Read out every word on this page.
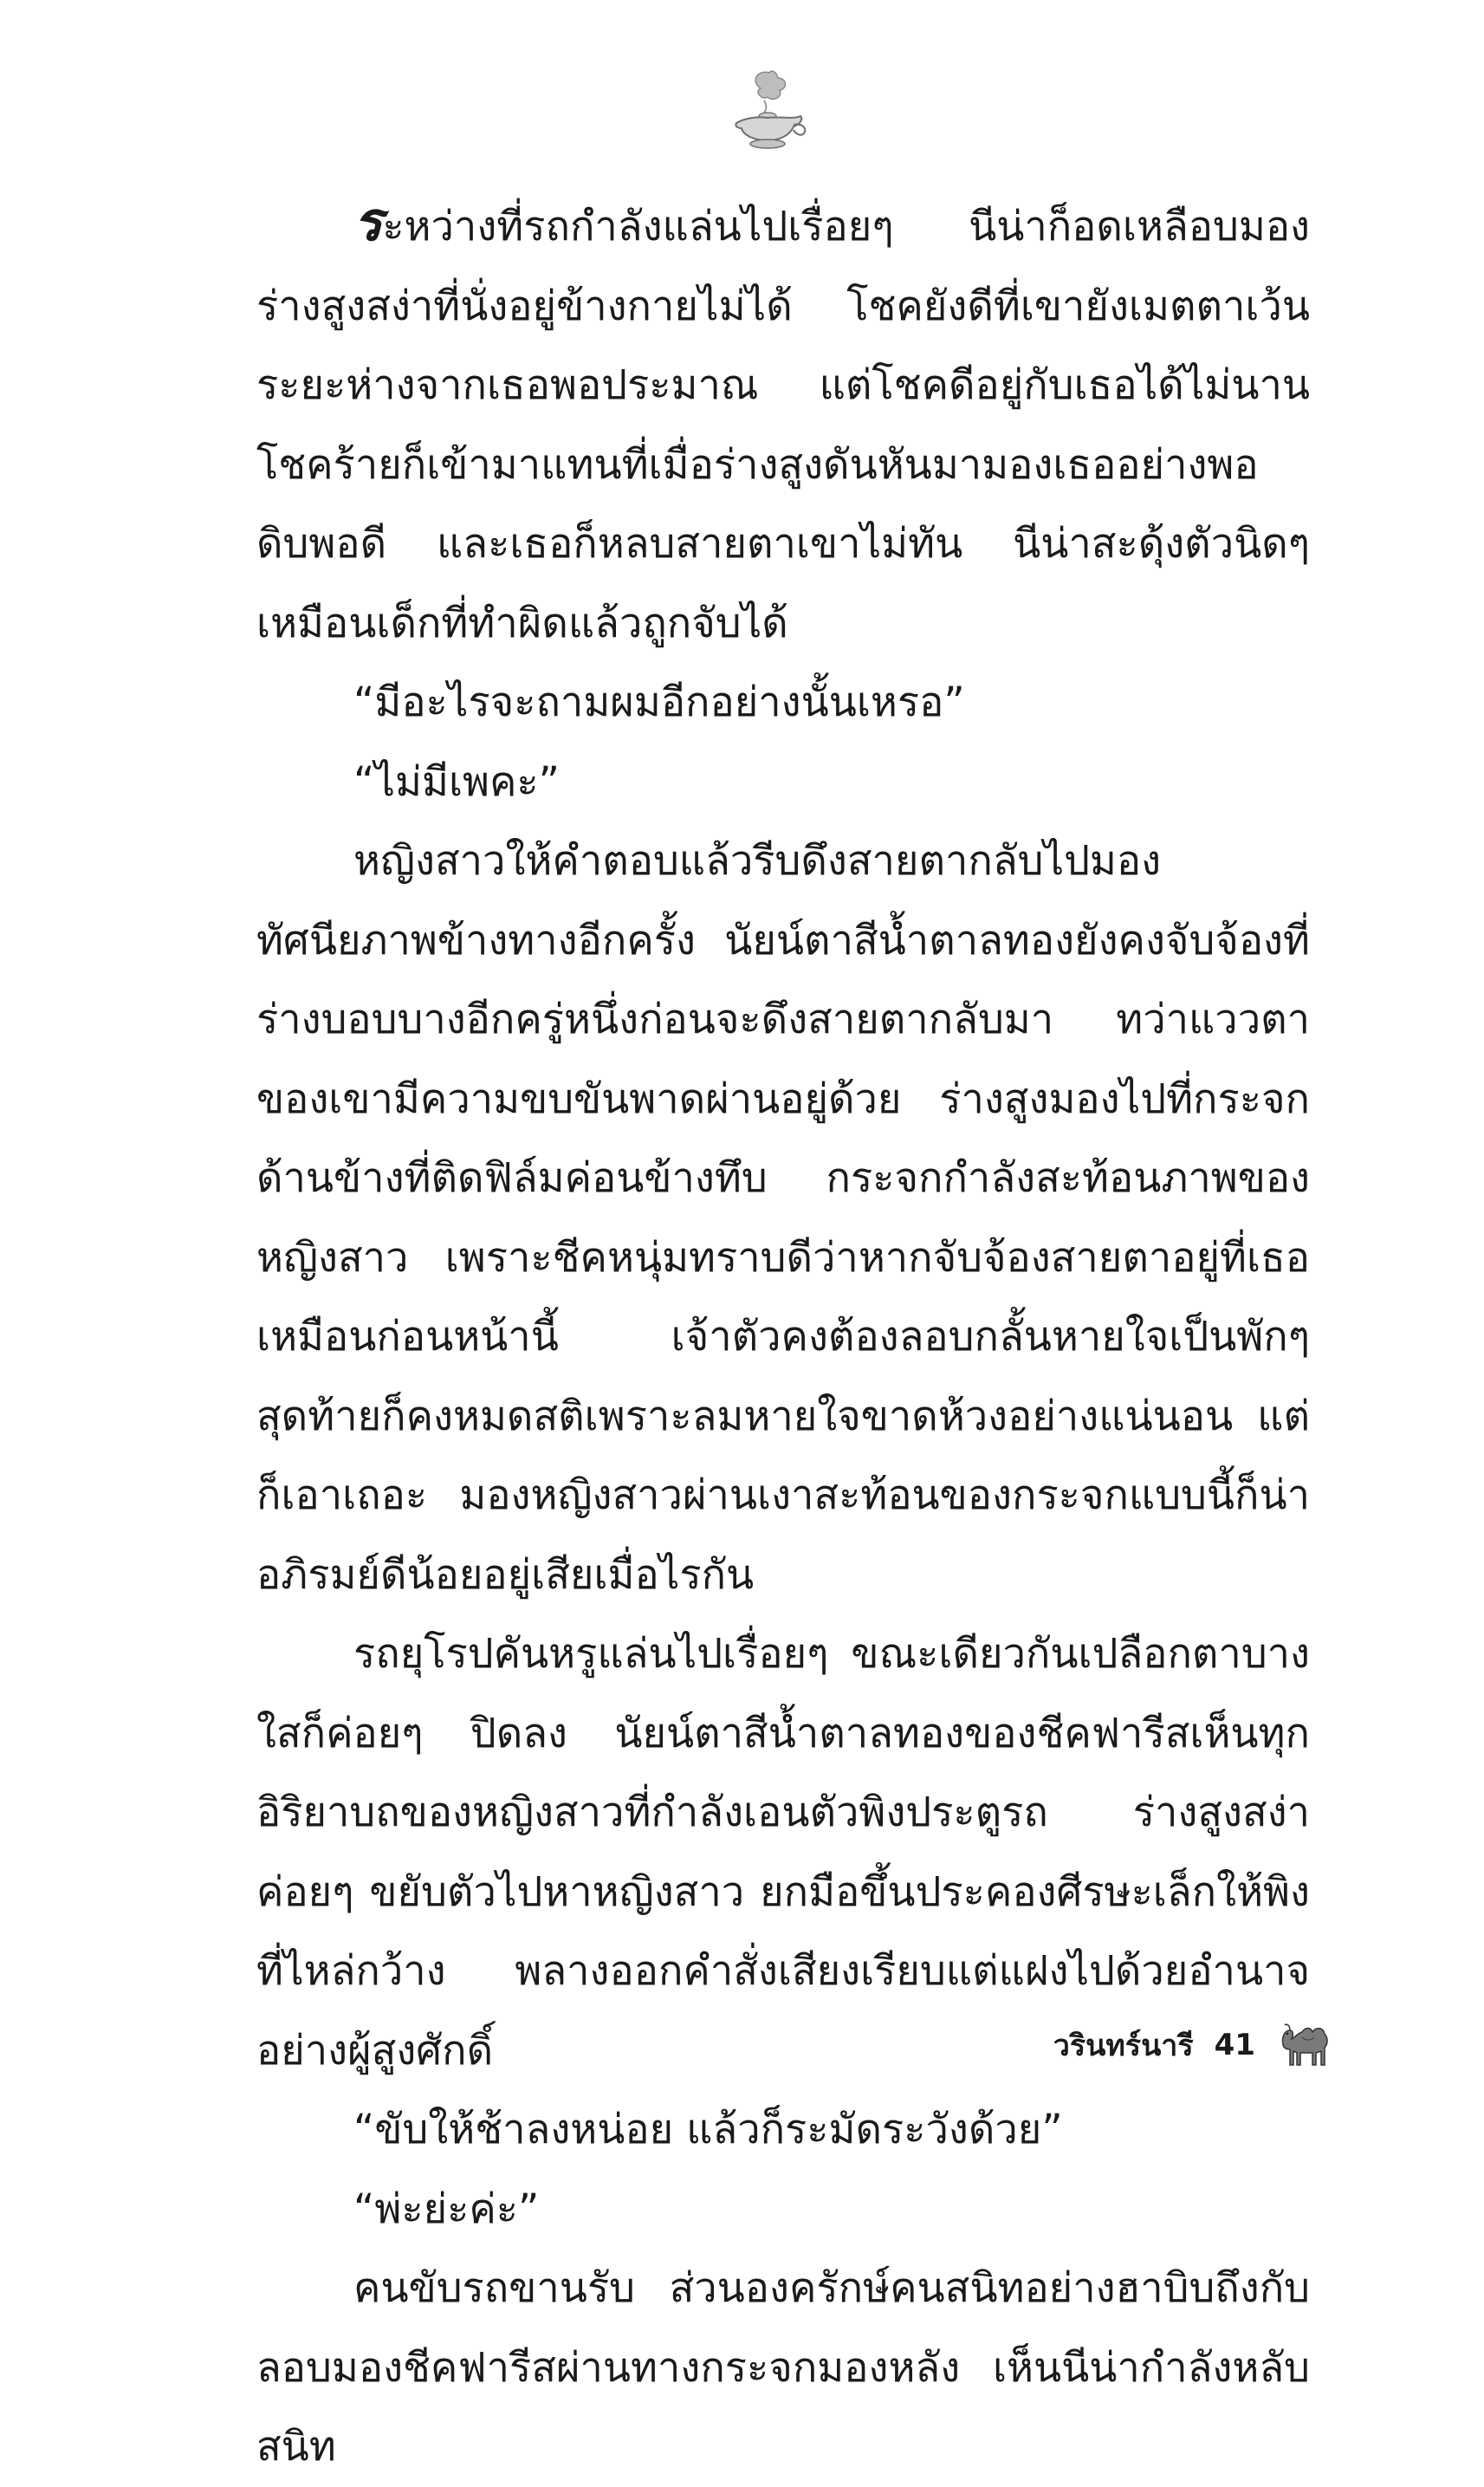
ระหว่างที่รถกำลังแล่นไปเรื่อยๆ นีน่าก็อดเหลือบมองร่างสูงสง่าที่นั่งอยู่ข้างกายไม่ได้ โชคยังดีที่เขายังเมตตาเว้นระยะห่างจากเธอพอประมาณ แต่โชคดีอยู่กับเธอได้ไม่นาน โชคร้ายก็เข้ามาแทนที่เมื่อร่างสูงดันหันมามองเธออย่างพอดิบพอดี และเธอก็หลบสายตาเขาไม่ทัน นีน่าสะดุ้งตัวนิดๆ เหมือนเด็กที่ทำผิดแล้วถูกจับได้

“มีอะไรจะถามผมอีกอย่างนั้นเหรอ”

“ไม่มีเพคะ”

หญิงสาวให้คำตอบแล้วรีบดึงสายตากลับไปมองทัศนียภาพข้างทางอีกครั้ง นัยน์ตาสีน้ำตาลทองยังคงจับจ้องที่ร่างบอบบางอีกครู่หนึ่งก่อนจะดึงสายตากลับมา ทว่าแววตาของเขามีความขบขันพาดผ่านอยู่ด้วย ร่างสูงมองไปที่กระจกด้านข้างที่ติดฟิล์มค่อนข้างทึบ กระจกกำลังสะท้อนภาพของหญิงสาว เพราะชีคหนุ่มทราบดีว่าหากจับจ้องสายตาอยู่ที่เธอเหมือนก่อนหน้านี้ เจ้าตัวคงต้องลอบกลั้นหายใจเป็นพักๆ สุดท้ายก็คงหมดสติเพราะลมหายใจขาดห้วงอย่างแน่นอน แต่ก็เอาเถอะ มองหญิงสาวผ่านเงาสะท้อนของกระจกแบบนี้ก็น่าอภิรมย์ดีน้อยอยู่เสียเมื่อไรกัน

รถยุโรปคันหรูแล่นไปเรื่อยๆ ขณะเดียวกันเปลือกตาบางใสก็ค่อยๆ ปิดลง นัยน์ตาสีน้ำตาลทองของชีคฟารีสเห็นทุกอิริยาบถของหญิงสาวที่กำลังเอนตัวพิงประตูรถ ร่างสูงสง่าค่อยๆ ขยับตัวไปหาหญิงสาว ยกมือขึ้นประคองศีรษะเล็กให้พิงที่ไหล่กว้าง พลางออกคำสั่งเสียงเรียบแต่แฝงไปด้วยอำนาจอย่างผู้สูงศักดิ์

“ขับให้ช้าลงหน่อย แล้วก็ระมัดระวังด้วย”

“พ่ะย่ะค่ะ”

คนขับรถขานรับ ส่วนองครักษ์คนสนิทอย่างฮาบิบถึงกับลอบมองชีคฟารีสผ่านทางกระจกมองหลัง เห็นนีน่ากำลังหลับสนิท

วรินทร์นารี 41
